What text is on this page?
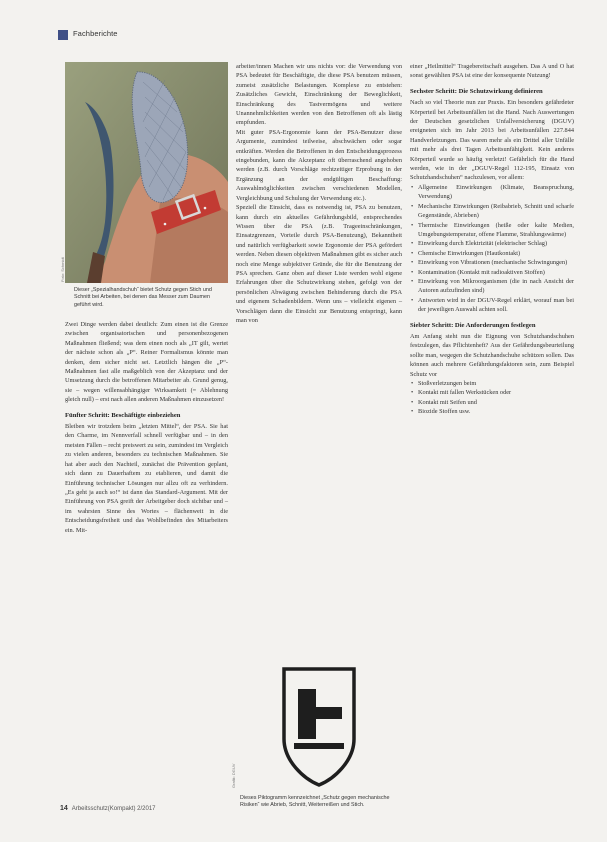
Fachberichte
Foto: Schmidt
Dieser „Spezialhandschuh“ bietet Schutz gegen Stich und Schnitt bei Arbeiten, bei denen das Messer zum Daumen geführt wird.

Zwei Dinge werden dabei deutlich: Zum einen ist die Grenze zwischen organisatorischen und personenbezogenen Maßnahmen fließend; was dem einen noch als „IT gilt, wertet der nächste schon als „P“. Reiner Formalismus könnte man denken, dem sicher nicht sei. Letztlich hängen die „P“-Maßnahmen fast alle maßgeblich von der Akzeptanz und der Umsetzung durch die betroffenen Mitarbeiter ab. Grund genug, sie – wegen willensabhängiger Wirksamkeit (= Ablehnung gleich null) – erst nach allen anderen Maßnahmen einzusetzen!

Fünfter Schritt: Beschäftigte einbeziehen

Bleiben wir trotzdem beim „letzten Mittel“, der PSA. Sie hat den Charme, im Nennverfall schnell verfügbar und – in den meisten Fällen – recht preiswert zu sein, zumindest im Vergleich zu vielen anderen, besonders zu technischen Maßnahmen. Sie hat aber auch den Nachteil, zunächst die Prävention geplant, sich dann zu Dauerhaftem zu etablieren, und damit die Einführung technischer Lösungen nur allzu oft zu verhindern. „Es geht ja auch so!“ ist dann das Standard-Argument. Mit der Einführung von PSA greift der Arbeitgeber doch sichtbar und – im wahrsten Sinne des Wortes – flächenweit in die Entscheidungsfreiheit und das Wohlbefinden des Mitarbeiters ein. Mit-

arbeiter/innen Machen wir uns nichts vor: die Verwendung von PSA bedeutet für Beschäftigte, die diese PSA benutzen müssen, zumeist zusätzliche Belastungen. Komplexe zu entstehen: Zusätzliches Gewicht, Einschränkung der Beweglichkeit, Einschränkung des Tastvermögens und weitere Unannehmlichkeiten werden von den Betroffenen oft als lästig empfunden.

Mit guter PSA-Ergonomie kann der PSA-Benutzer diese Argumente, zumindest teilweise, abschwächen oder sogar entkräften. Werden die Betroffenen in den Entscheidungsprozess eingebunden, kann die Akzeptanz oft überraschend angehoben werden (z.B. durch Vorschläge rechtzeitiger Erprobung in der Ergänzung an der endgültigen Beschaffung: Auswahlmöglichkeiten zwischen verschiedenen Modellen, Vergleichbung und Schulung der Verwendung etc.).

Speziell die Einsicht, dass es notwendig ist, PSA zu benutzen, kann durch ein aktuelles Gefährdungsbild, entsprechendes Wissen über die PSA (z.B. Trageeinschränkungen, Einsatzgrenzen, Vorteile durch PSA-Benutzung), Bekanntheit und natürlich verfügbarkeit sowie Ergonomie der PSA gefördert werden. Neben diesen objektiven Maßnahmen gibt es sicher auch noch eine Menge subjektiver Gründe, die für die Benutzung der PSA sprechen. Ganz oben auf dieser Liste werden wohl eigene Erfahrungen über die Schutzwirkung stehen, gefolgt von der persönlichen Abwägung zwischen Behinderung durch die PSA und eigenem Schadenbildern. Wenn uns – vielleicht eigenen – Vorschlägen dann die Einsicht zur Benutzung entspringt, kann man von

Grafik: DGUV
Dieses Piktogramm kennzeichnet „Schutz gegen mechanische Risiken“ wie Abrieb, Schnitt, Weiterreißen und Stich.

einer „Heilmittel“ Tragebereitschaft ausgehen. Das A und O hat sonst gewählten PSA ist eine der konsequente Nutzung!

Sechster Schritt: Die Schutzwirkung definieren

Nach so viel Theorie nun zur Praxis. Ein besonders gefährdeter Körperteil bei Arbeitsunfällen ist die Hand. Nach Auswertungen der Deutschen gesetzlichen Unfallversicherung (DGUV) ereigneten sich im Jahr 2013 bei Arbeitsunfällen 227.844 Handverletzungen. Das waren mehr als ein Drittel aller Unfälle mit mehr als drei Tagen Arbeitsunfähigkeit. Kein anderes Körperteil wurde so häufig verletzt! Gefährlich für die Hand werden, wie in der „DGUV-Regel 112-195, Einsatz von Schutzhandschuhen“ nachzulesen, vor allem:

• Allgemeine Einwirkungen (Klimate, Beanspruchung, Verwendung)
• Mechanische Einwirkungen (Reibabrieb, Schnitt und scharfe Gegenstände, Abrieben)
• Thermische Einwirkungen (heiße oder kalte Medien, Umgebungstemperatur, offene Flamme, Strahlungswärme)
• Einwirkung durch Elektrizität (elektrischer Schlag)
• Chemische Einwirkungen (Hautkontakt)
• Einwirkung von Vibrationen (mechanische Schwingungen)
• Kontamination (Kontakt mit radioaktiven Stoffen)
• Einwirkung von Mikroorganismen (die in nach Ansicht der Autoren aufzufinden sind)
• Antworten wird in der DGUV-Regel erklärt, worauf man bei der jeweiligen Auswahl achten soll.
Siebter Schritt: Die Anforderungen festlegen

Am Anfang steht nun die Eignung von Schutzhandschuhen festzulegen, das Pflichtenheft? Aus der Gefährdungsbeurteilung sollte man, wegegen die Schutzhandschuhe schützen sollen. Das können auch mehrere Gefährdungsfaktoren sein, zum Beispiel Schutz vor

• Stoßverletzungen beim
• Kontakt mit fallen Werkstücken oder
• Kontakt mit Seifen und
• Biozide Stoffen usw.
14 Arbeitsschutz(Kompakt) 2/2017
